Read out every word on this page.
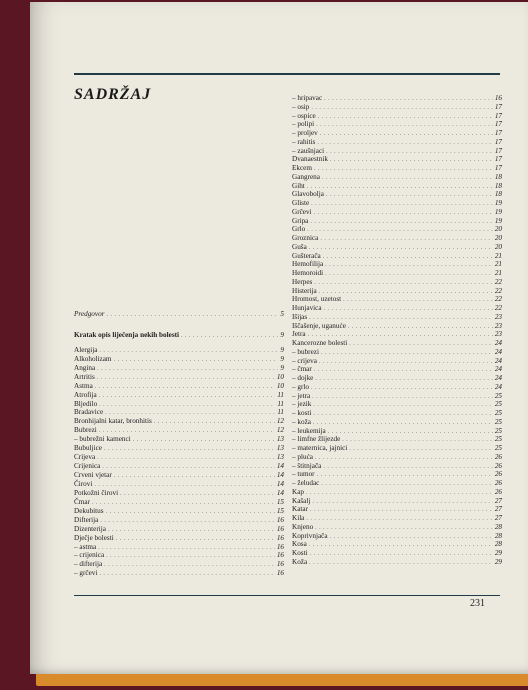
SADRŽAJ
Predgovor . . .	5
Kratak opis liječenja nekih bolesti . . .	9
Alergija . . .	9
Alkoholizam . . .	9
Angina . . .	9
Artritis . . .	10
Astma . . .	10
Atrofija . . .	11
Bljedilo . . .	11
Bradavice . . .	11
Bronhijalni katar, bronhitis . . .	12
Bubrezi . . .	12
– bubrežni kamenci . . .	13
Bubuljice . . .	13
Crijeva . . .	13
Crijenica . . .	14
Crveni vjetar . . .	14
Čirovi . . .	14
Potkožni čirovi . . .	14
Čmar . . .	15
Dekubitus . . .	15
Difterija . . .	16
Dizenterija . . .	16
Dječje bolesti . . .	16
– astma . . .	16
– crijenica . . .	16
– difterija . . .	16
– grčevi . . .	16
– hripavac . . .	16
– osip . . .	17
– ospice . . .	17
– polipi . . .	17
– proljev . . .	17
– rahitis . . .	17
– zaušnjaci . . .	17
Dvanaestnik . . .	17
Ekcem . . .	17
Gangrena . . .	18
Giht . . .	18
Glavobolja . . .	18
Gliste . . .	19
Grčevi . . .	19
Gripa . . .	19
Grlo . . .	20
Groznica . . .	20
Guša . . .	20
Gušterača . . .	21
Hemofilija . . .	21
Hemoroidi . . .	21
Herpes . . .	22
Histerija . . .	22
Hromost, uzetost . . .	22
Hunjavica . . .	22
Išijas . . .	23
Iščašenje, uganuće . . .	23
Jetra . . .	23
Kancerozne bolesti . . .	24
– bubrezi . . .	24
– crijeva . . .	24
– čmar . . .	24
– dojke . . .	24
– grlo . . .	24
– jetra . . .	25
– jezik . . .	25
– kosti . . .	25
– koža . . .	25
– leukemija . . .	25
– limfne žlijezde . . .	25
– maternica, jajnici . . .	25
– pluća . . .	26
– štitnjača . . .	26
– tumor . . .	26
– želudac . . .	26
Kap . . .	26
Kašalj . . .	27
Katar . . .	27
Kila . . .	27
Knjeno . . .	28
Koprivnjača . . .	28
Kosa . . .	28
Kosti . . .	29
Koža . . .	29
231
